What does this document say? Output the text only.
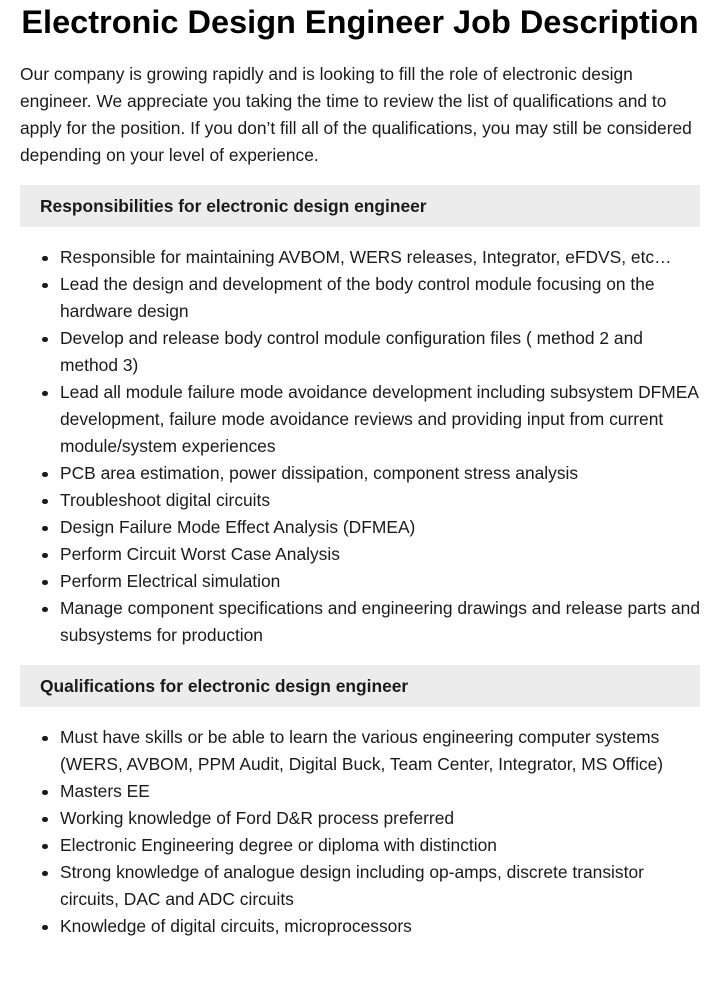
Electronic Design Engineer Job Description

Our company is growing rapidly and is looking to fill the role of electronic design engineer. We appreciate you taking the time to review the list of qualifications and to apply for the position. If you don’t fill all of the qualifications, you may still be considered depending on your level of experience.

Responsibilities for electronic design engineer
Responsible for maintaining AVBOM, WERS releases, Integrator, eFDVS, etc…
Lead the design and development of the body control module focusing on the hardware design
Develop and release body control module configuration files ( method 2 and method 3)
Lead all module failure mode avoidance development including subsystem DFMEA development, failure mode avoidance reviews and providing input from current module/system experiences
PCB area estimation, power dissipation, component stress analysis
Troubleshoot digital circuits
Design Failure Mode Effect Analysis (DFMEA)
Perform Circuit Worst Case Analysis
Perform Electrical simulation
Manage component specifications and engineering drawings and release parts and subsystems for production
Qualifications for electronic design engineer
Must have skills or be able to learn the various engineering computer systems (WERS, AVBOM, PPM Audit, Digital Buck, Team Center, Integrator, MS Office)
Masters EE
Working knowledge of Ford D&R process preferred
Electronic Engineering degree or diploma with distinction
Strong knowledge of analogue design including op-amps, discrete transistor circuits, DAC and ADC circuits
Knowledge of digital circuits, microprocessors
